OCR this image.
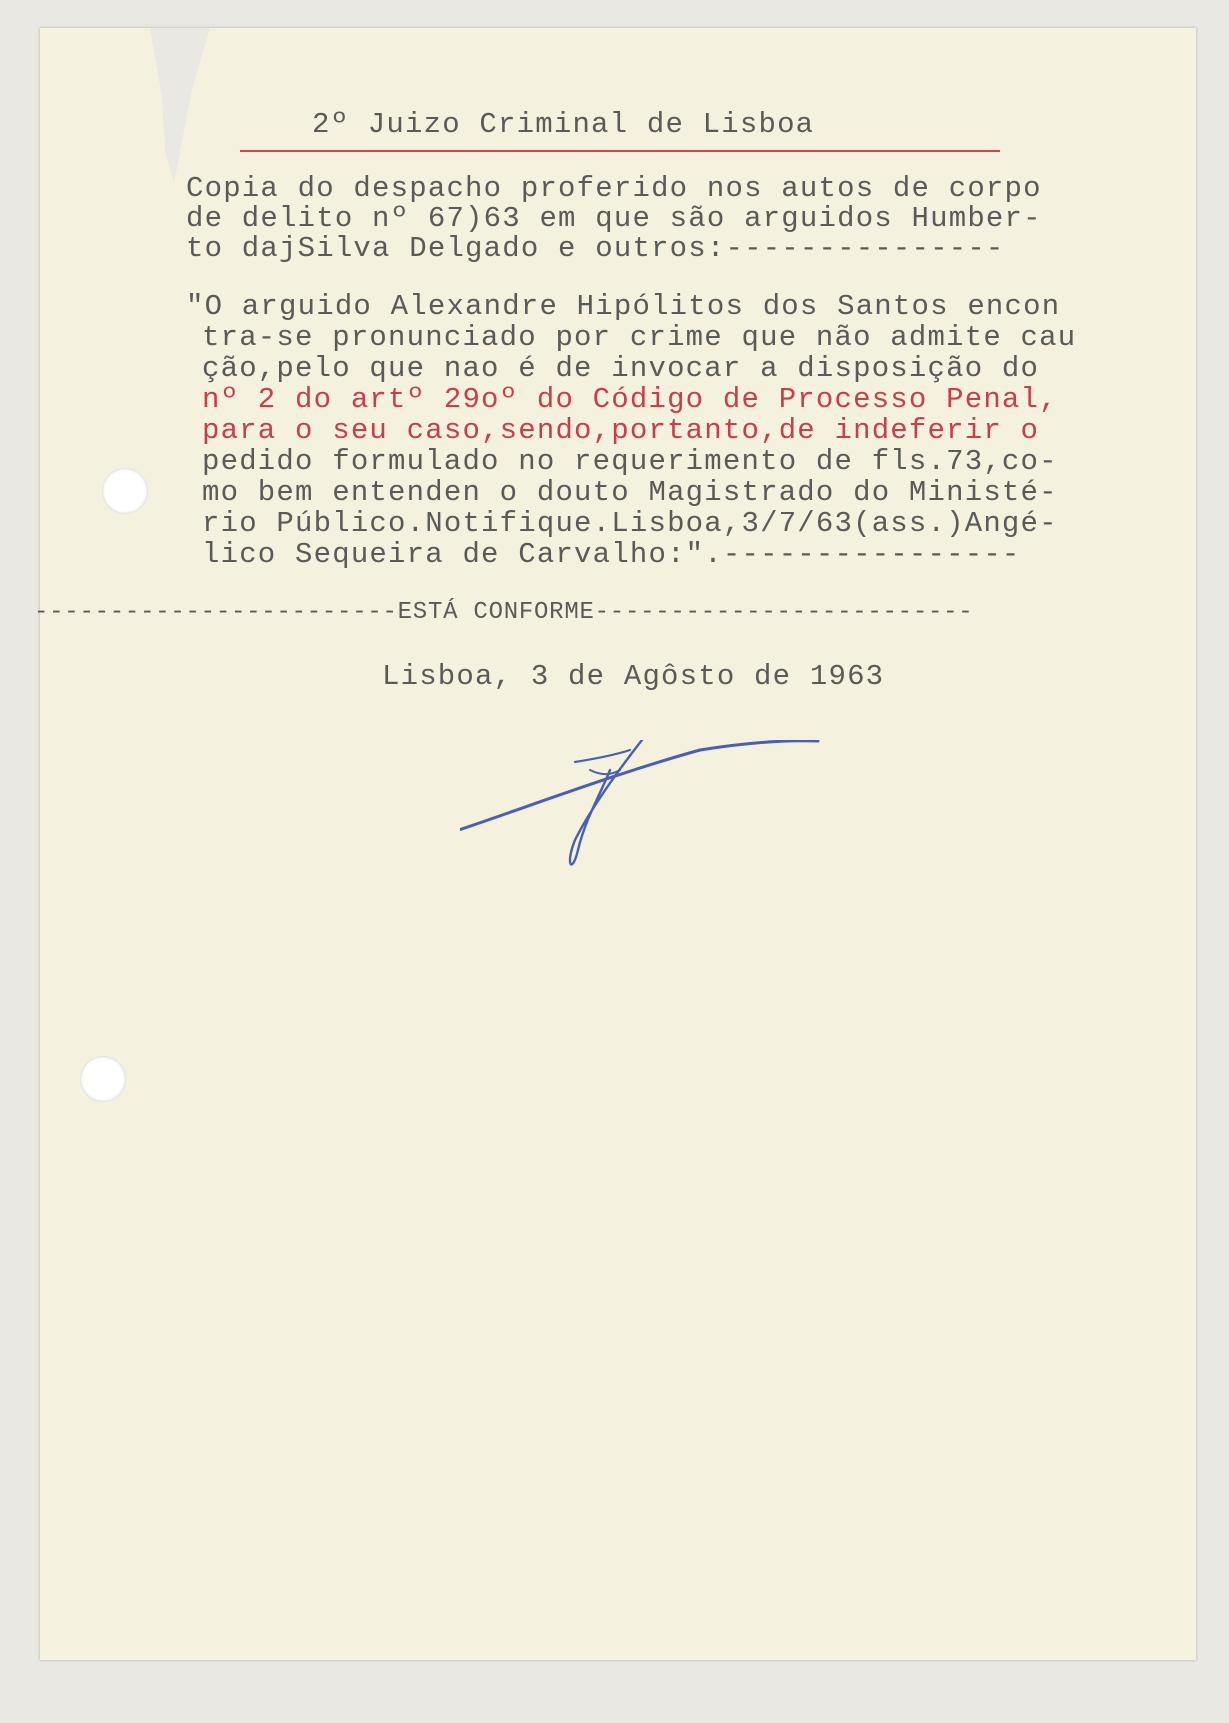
2º Juizo Criminal de Lisboa
Copia do despacho proferido nos autos de corpo
de delito nº 67)63 em que são arguidos Humber-
to dajSilva Delgado e outros:---------------
"O arguido Alexandre Hipólitos dos Santos encon
tra-se pronunciado por crime que não admite cau
ção,pelo que nao é de invocar a disposição do
nº 2 do artº 29oº do Código de Processo Penal,
para o seu caso,sendo,portanto,de indeferir o
pedido formulado no requerimento de fls.73,co-
mo bem entenden o douto Magistrado do Ministé-
rio Público.Notifique.Lisboa,3/7/63(ass.)Angé-
lico Sequeira de Carvalho:".----------------
------------------------ESTÁ CONFORME-------------------------
Lisboa, 3 de Agôsto de 1963
